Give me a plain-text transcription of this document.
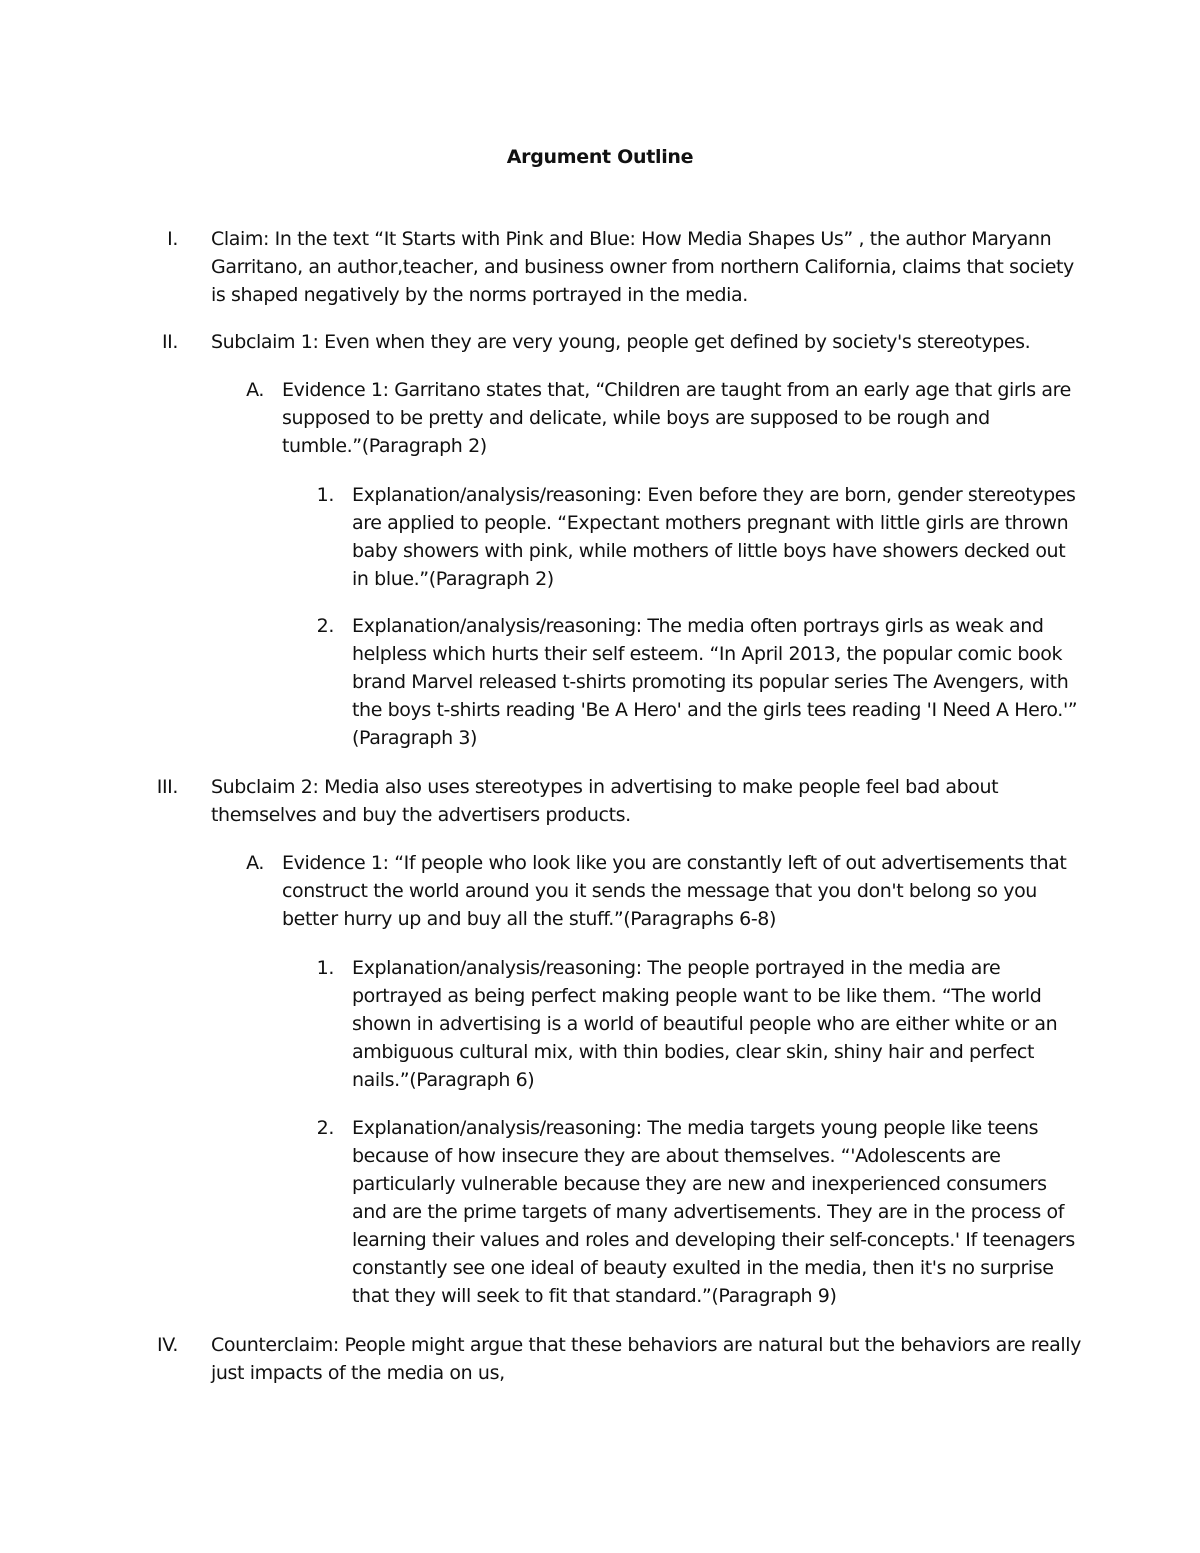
Argument Outline
I. Claim: In the text “It Starts with Pink and Blue: How Media Shapes Us” , the author Maryann Garritano, an author,teacher, and business owner from northern California, claims that society is shaped negatively by the norms portrayed in the media.
II. Subclaim 1: Even when they are very young, people get defined by society's stereotypes.
A. Evidence 1: Garritano states that, “Children are taught from an early age that girls are supposed to be pretty and delicate, while boys are supposed to be rough and tumble.”(Paragraph 2)
1. Explanation/analysis/reasoning: Even before they are born, gender stereotypes are applied to people. “Expectant mothers pregnant with little girls are thrown baby showers with pink, while mothers of little boys have showers decked out in blue.”(Paragraph 2)
2. Explanation/analysis/reasoning: The media often portrays girls as weak and helpless which hurts their self esteem. “In April 2013, the popular comic book brand Marvel released t-shirts promoting its popular series The Avengers, with the boys t-shirts reading 'Be A Hero' and the girls tees reading 'I Need A Hero.'” (Paragraph 3)
III. Subclaim 2: Media also uses stereotypes in advertising to make people feel bad about themselves and buy the advertisers products.
A. Evidence 1: “If people who look like you are constantly left of out advertisements that construct the world around you it sends the message that you don't belong so you better hurry up and buy all the stuff.”(Paragraphs 6-8)
1. Explanation/analysis/reasoning: The people portrayed in the media are portrayed as being perfect making people want to be like them. “The world shown in advertising is a world of beautiful people who are either white or an ambiguous cultural mix, with thin bodies, clear skin, shiny hair and perfect nails.”(Paragraph 6)
2. Explanation/analysis/reasoning: The media targets young people like teens because of how insecure they are about themselves. “'Adolescents are particularly vulnerable because they are new and inexperienced consumers and are the prime targets of many advertisements. They are in the process of learning their values and roles and developing their self-concepts.' If teenagers constantly see one ideal of beauty exulted in the media, then it's no surprise that they will seek to fit that standard.”(Paragraph 9)
IV. Counterclaim: People might argue that these behaviors are natural but the behaviors are really just impacts of the media on us,
